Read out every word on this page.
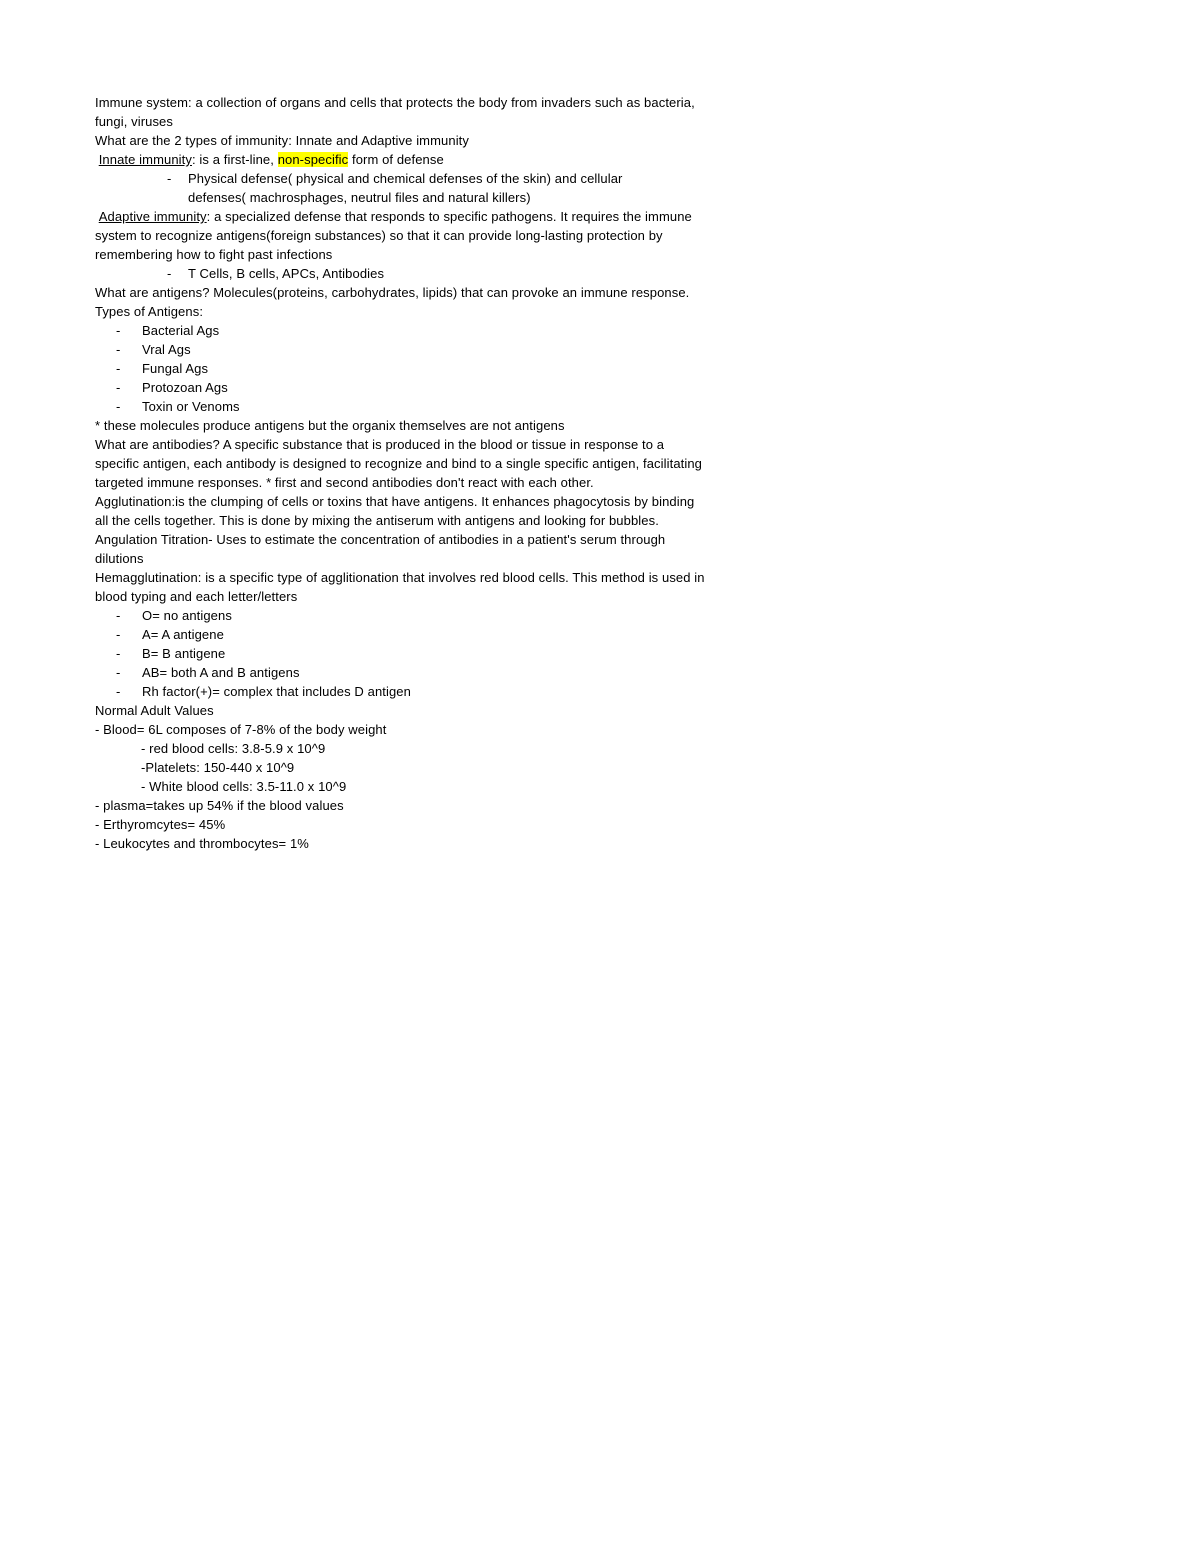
Immune system: a collection of organs and cells that protects the body from invaders such as bacteria, fungi, viruses

What are the 2 types of immunity: Innate and Adaptive immunity

Innate immunity: is a first-line, non-specific form of defense

-	Physical defense( physical and chemical defenses of the skin) and cellular defenses( machrosphages, neutrul files and natural killers)

Adaptive immunity: a specialized defense that responds to specific pathogens. It requires the immune system to recognize antigens(foreign substances) so that it can provide long-lasting protection by remembering how to fight past infections

-	T Cells, B cells, APCs, Antibodies

What are antigens? Molecules(proteins, carbohydrates, lipids) that can provoke an immune response.

Types of Antigens:

-	Bacterial Ags
-	Vral Ags
-	Fungal Ags
-	Protozoan Ags
-	Toxin or Venoms

* these molecules produce antigens but the organix themselves are not antigens

What are antibodies? A specific substance that is produced in the blood or tissue in response to a specific antigen, each antibody is designed to recognize and bind to a single specific antigen, facilitating targeted immune responses. * first and second antibodies don't react with each other.

Agglutination:is the clumping of cells or toxins that have antigens. It enhances phagocytosis by binding all the cells together. This is done by mixing the antiserum with antigens and looking for bubbles.

Angulation Titration- Uses to estimate the concentration of antibodies in a patient's serum through dilutions

Hemagglutination: is a specific type of agglitionation that involves red blood cells. This method is used in blood typing and each letter/letters

-	O= no antigens
-	A= A antigene
-	B= B antigene
-	AB= both A and B antigens
-	Rh factor(+)= complex that includes D antigen

Normal Adult Values

- Blood= 6L composes of 7-8% of the body weight

- red blood cells: 3.8-5.9 x 10^9

-Platelets: 150-440 x 10^9

- White blood cells: 3.5-11.0 x 10^9

- plasma=takes up 54% if the blood values

- Erthyromcytes= 45%

- Leukocytes and thrombocytes= 1%
